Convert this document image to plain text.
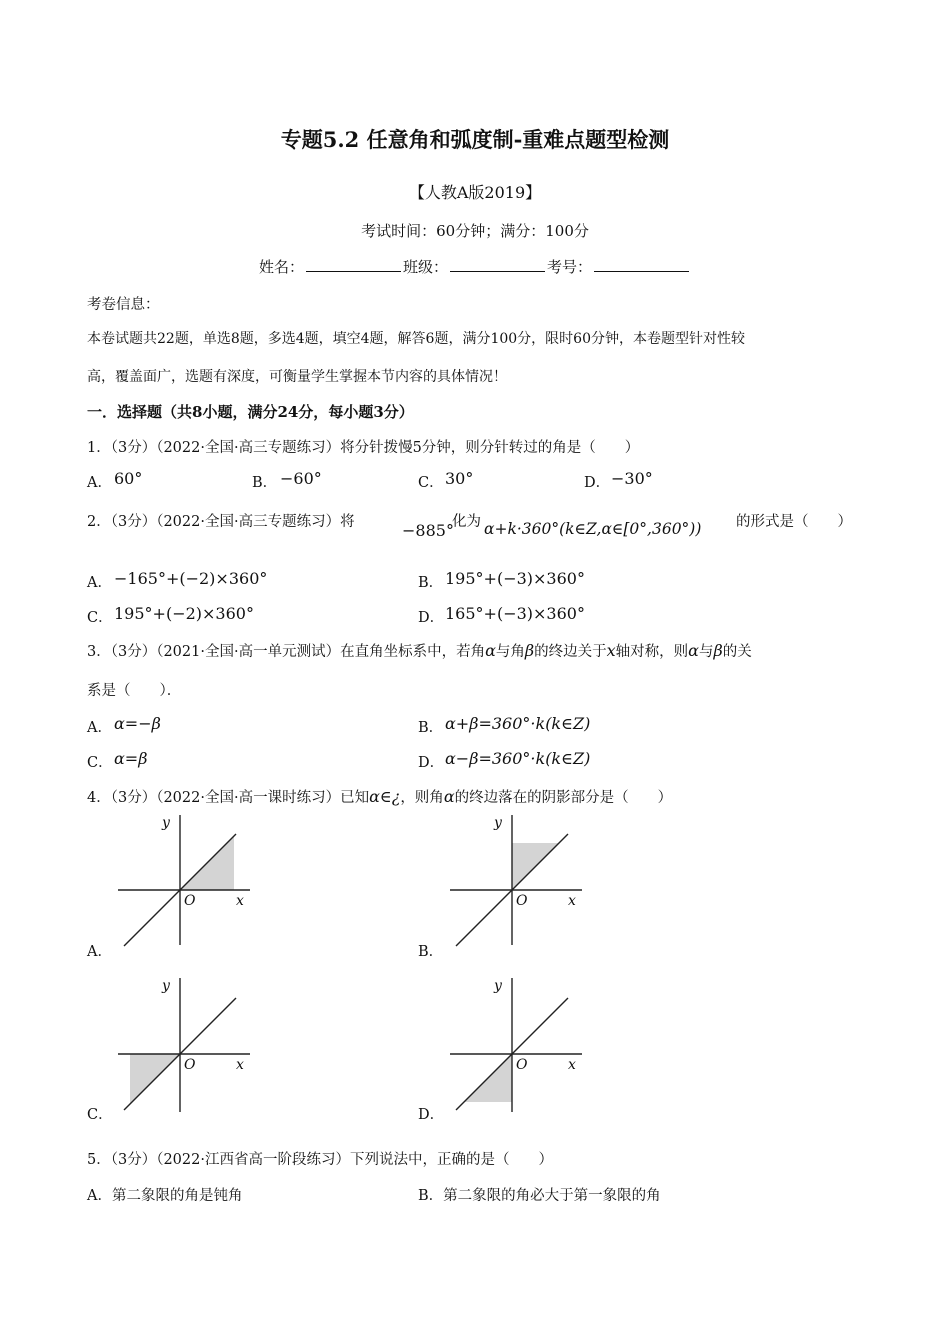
专题5.2 任意角和弧度制-重难点题型检测
【人教A版2019】
考试时间：60分钟；满分：100分
姓名：	班级：	考号：
考卷信息：
本卷试题共22题，单选8题，多选4题，填空4题，解答6题，满分100分，限时60分钟，本卷题型针对性较
高，覆盖面广，选题有深度，可衡量学生掌握本节内容的具体情况！
一．选择题（共8小题，满分24分，每小题3分）
1．（3分）（2022·全国·高三专题练习）将分针拨慢5分钟，则分针转过的角是（　　）
A． 60°	B． −60°	C． 30°	D． −30°
2．（3分）（2022·全国·高三专题练习）将	−885°
化为 α+k·360°(k∈Z,α∈[0°,360°)) 的形式是（　　）
A． −165°+(−2)×360°	B． 195°+(−3)×360°
C． 195°+(−2)×360°	D． 165°+(−3)×360°
3．（3分）（2021·全国·高一单元测试）在直角坐标系中，若角α与角β的终边关于x轴对称，则α与β的关
系是（　　）．
A． α=−β	B． α+β=360°·k(k∈Z)
C． α=β	D． α−β=360°·k(k∈Z)
4．（3分）（2022·全国·高一课时练习）已知α∈¿，则角α的终边落在的阴影部分是（　　）
y
O	x
A．
y
O	x
B．
y
O	x
C．
y
O	x
D．
5．（3分）（2022·江西省高一阶段练习）下列说法中，正确的是（　　）
A．第二象限的角是钝角	B．第二象限的角必大于第一象限的角
